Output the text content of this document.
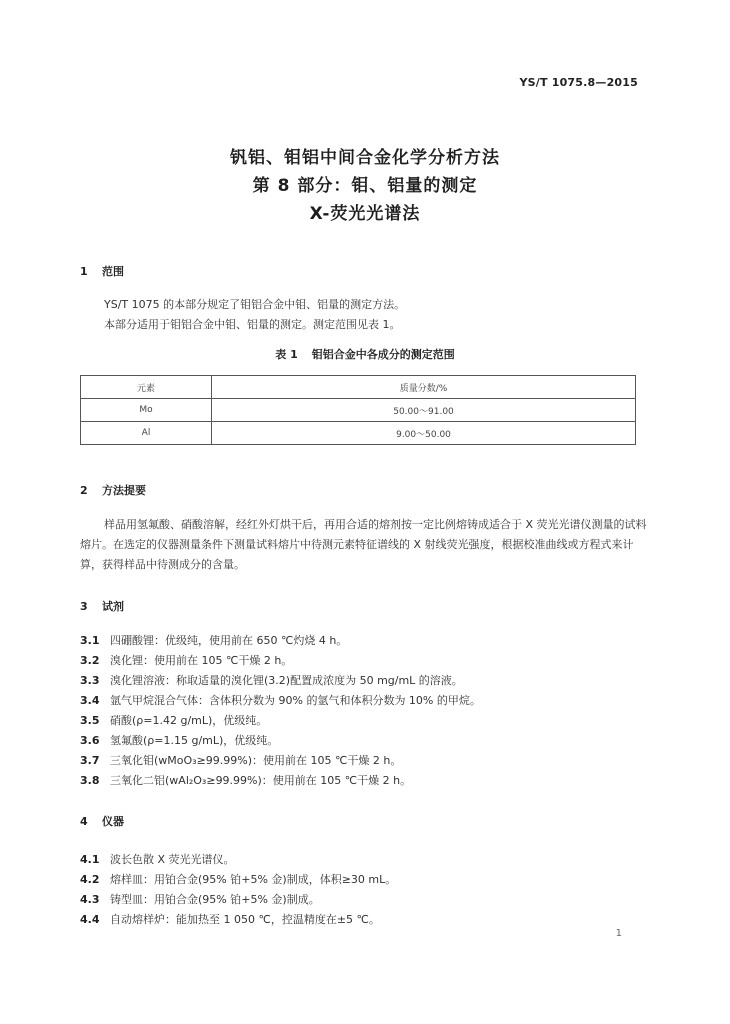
YS/T 1075.8—2015
钒铝、钼铝中间合金化学分析方法
第 8 部分：钼、铝量的测定
X-荧光光谱法
1 范围
YS/T 1075 的本部分规定了钼铝合金中钼、铝量的测定方法。
本部分适用于钼铝合金中钼、铝量的测定。测定范围见表 1。
表 1 钼铝合金中各成分的测定范围
元素	质量分数/%
Mo	50.00～91.00
Al	9.00～50.00
2 方法提要
样品用氢氟酸、硝酸溶解，经红外灯烘干后，再用合适的熔剂按一定比例熔铸成适合于 X 荧光光谱仪测量的试料熔片。在选定的仪器测量条件下测量试料熔片中待测元素特征谱线的 X 射线荧光强度，根据校准曲线或方程式来计算，获得样品中待测成分的含量。
3 试剂
3.1 四硼酸锂：优级纯，使用前在 650 ℃灼烧 4 h。
3.2 溴化锂：使用前在 105 ℃干燥 2 h。
3.3 溴化锂溶液：称取适量的溴化锂(3.2)配置成浓度为 50 mg/mL 的溶液。
3.4 氩气甲烷混合气体：含体积分数为 90% 的氩气和体积分数为 10% 的甲烷。
3.5 硝酸(ρ=1.42 g/mL)，优级纯。
3.6 氢氟酸(ρ=1.15 g/mL)，优级纯。
3.7 三氧化钼(wMoO₃≥99.99%)：使用前在 105 ℃干燥 2 h。
3.8 三氧化二铝(wAl₂O₃≥99.99%)：使用前在 105 ℃干燥 2 h。
4 仪器
4.1 波长色散 X 荧光光谱仪。
4.2 熔样皿：用铂合金(95% 铂+5% 金)制成，体积≥30 mL。
4.3 铸型皿：用铂合金(95% 铂+5% 金)制成。
4.4 自动熔样炉：能加热至 1 050 ℃，控温精度在±5 ℃。
1
